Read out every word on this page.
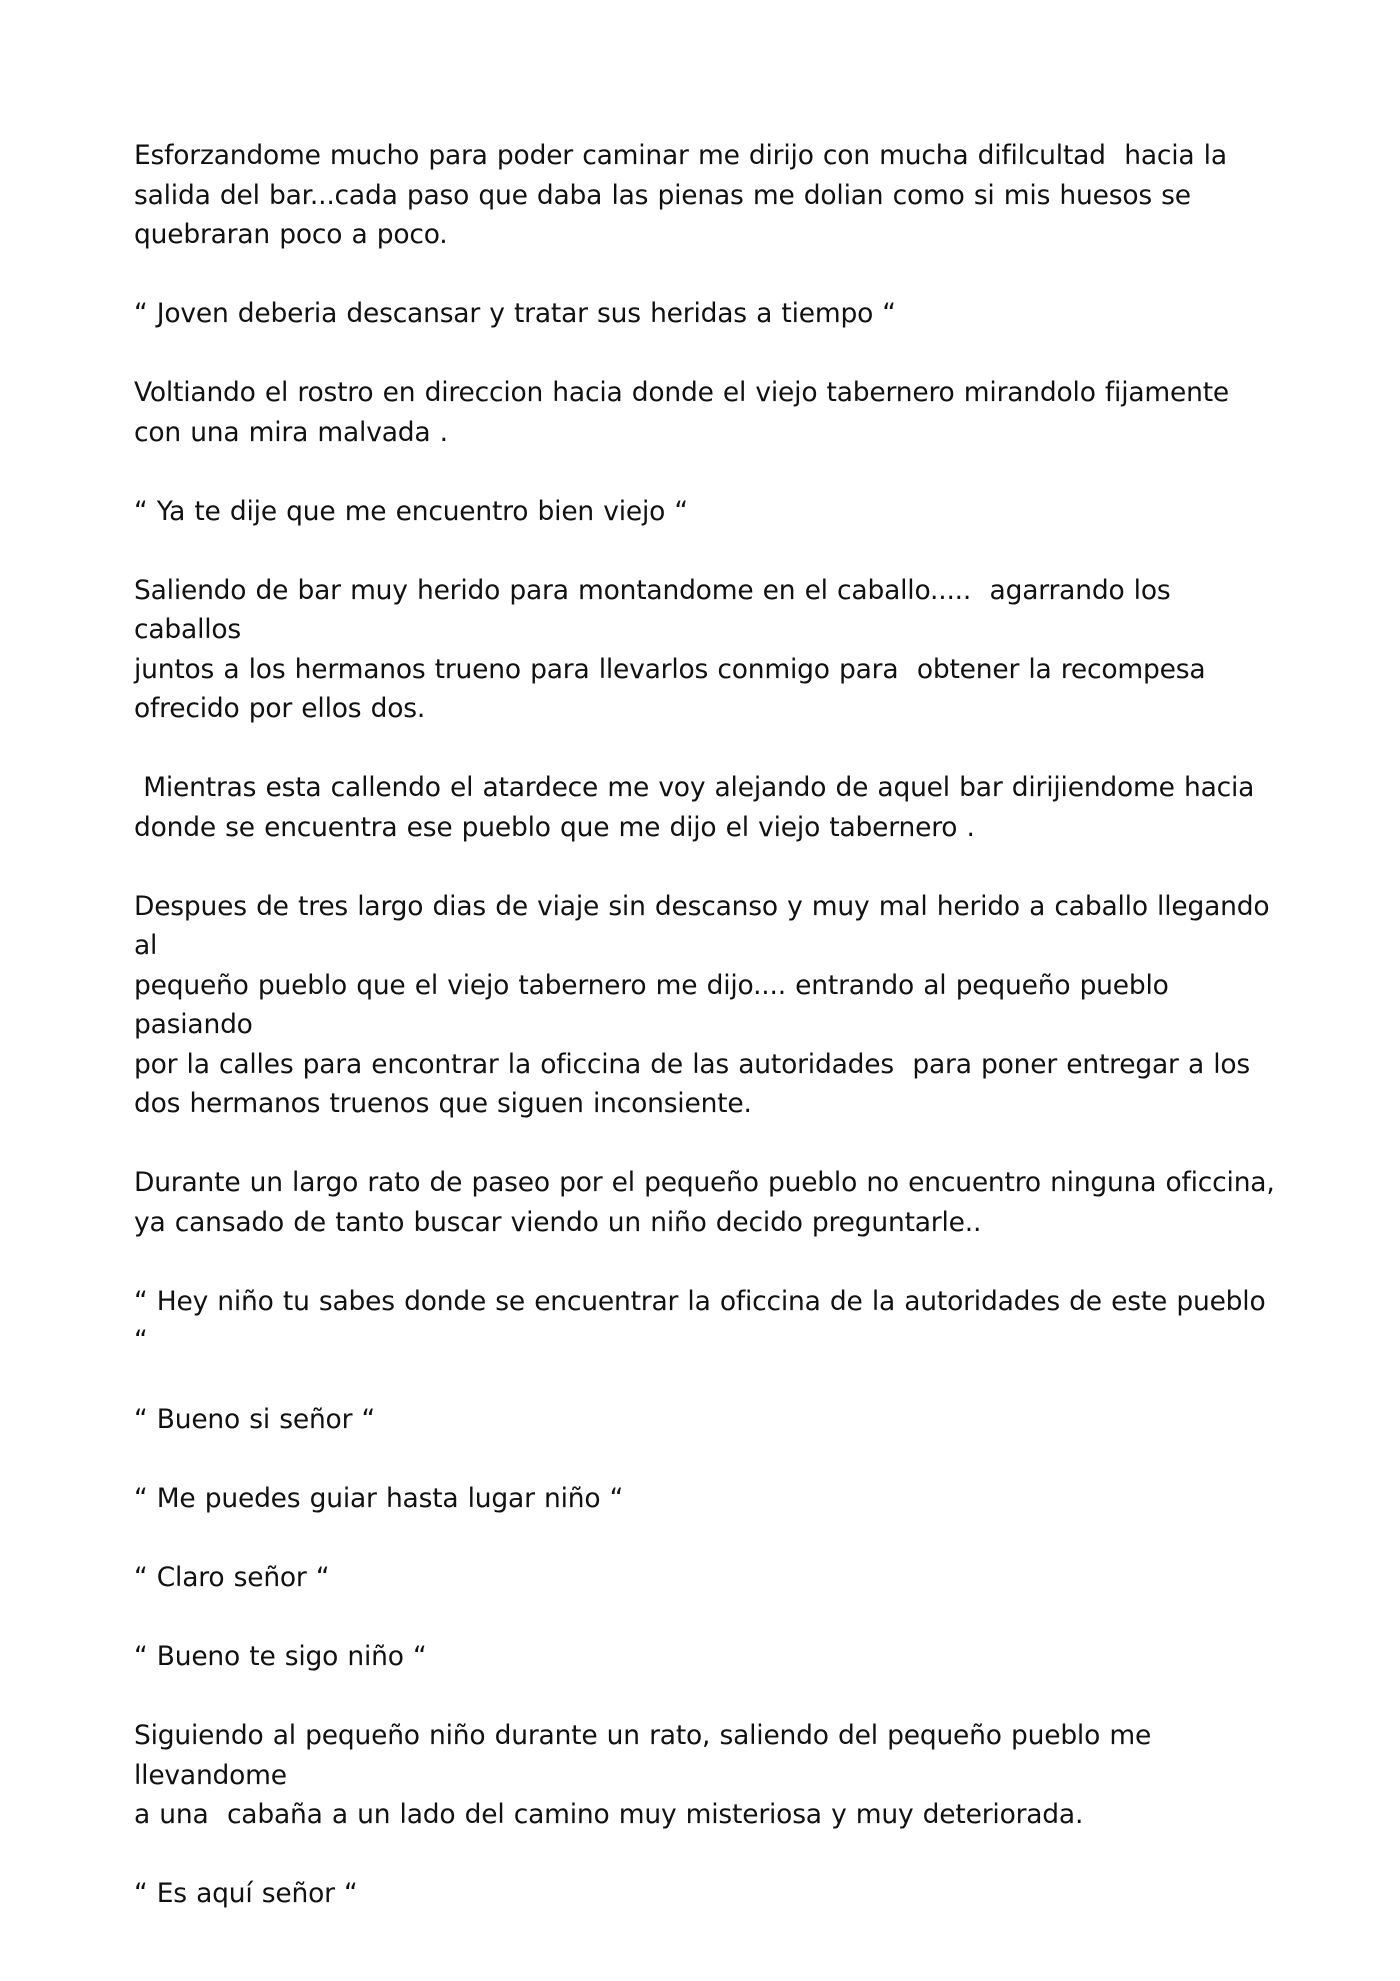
Esforzandome mucho para poder caminar me dirijo con mucha difilcultad  hacia la
salida del bar...cada paso que daba las pienas me dolian como si mis huesos se
quebraran poco a poco.

“ Joven deberia descansar y tratar sus heridas a tiempo “

Voltiando el rostro en direccion hacia donde el viejo tabernero mirandolo fijamente
con una mira malvada .

“ Ya te dije que me encuentro bien viejo “

Saliendo de bar muy herido para montandome en el caballo.....  agarrando los caballos
juntos a los hermanos trueno para llevarlos conmigo para  obtener la recompesa
ofrecido por ellos dos.

Mientras esta callendo el atardece me voy alejando de aquel bar dirijiendome hacia
donde se encuentra ese pueblo que me dijo el viejo tabernero .

Despues de tres largo dias de viaje sin descanso y muy mal herido a caballo llegando al
pequeño pueblo que el viejo tabernero me dijo.... entrando al pequeño pueblo pasiando
por la calles para encontrar la oficcina de las autoridades  para poner entregar a los
dos hermanos truenos que siguen inconsiente.

Durante un largo rato de paseo por el pequeño pueblo no encuentro ninguna oficcina,
ya cansado de tanto buscar viendo un niño decido preguntarle..

“ Hey niño tu sabes donde se encuentrar la oficcina de la autoridades de este pueblo “

“ Bueno si señor “

“ Me puedes guiar hasta lugar niño “

“ Claro señor “

“ Bueno te sigo niño “

Siguiendo al pequeño niño durante un rato, saliendo del pequeño pueblo me llevandome
a una  cabaña a un lado del camino muy misteriosa y muy deteriorada.

“ Es aquí señor “
